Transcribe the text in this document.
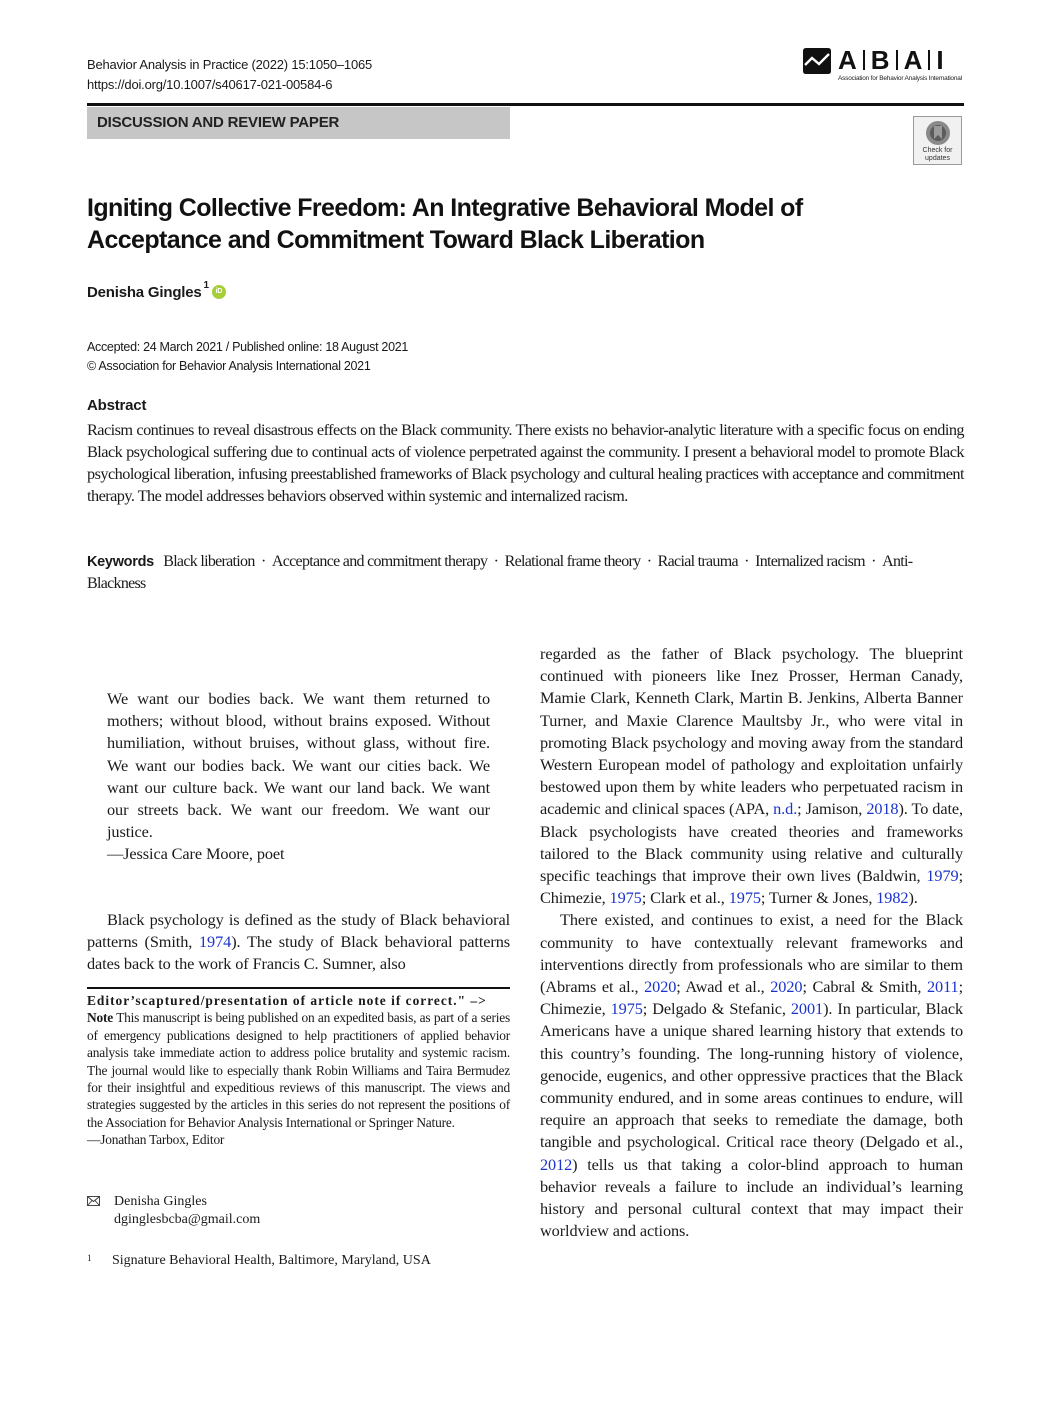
Behavior Analysis in Practice (2022) 15:1050–1065
https://doi.org/10.1007/s40617-021-00584-6
A B A I
Association for Behavior Analysis International
DISCUSSION AND REVIEW PAPER
Check for updates
Igniting Collective Freedom: An Integrative Behavioral Model of Acceptance and Commitment Toward Black Liberation
Denisha Gingles $^1$iD
Accepted: 24 March 2021 / Published online: 18 August 2021
© Association for Behavior Analysis International 2021
Abstract
Racism continues to reveal disastrous effects on the Black community. There exists no behavior-analytic literature with a specific focus on ending Black psychological suffering due to continual acts of violence perpetrated against the community. I present a behavioral model to promote Black psychological liberation, infusing preestablished frameworks of Black psychology and cultural healing practices with acceptance and commitment therapy. The model addresses behaviors observed within systemic and internalized racism.
Keywords Black liberation · Acceptance and commitment therapy · Relational frame theory · Racial trauma · Internalized racism · Anti-Blackness
We want our bodies back. We want them returned to mothers; without blood, without brains exposed. Without humiliation, without bruises, without glass, without fire. We want our bodies back. We want our cities back. We want our culture back. We want our land back. We want our streets back. We want our freedom. We want our justice.
—Jessica Care Moore, poet

Black psychology is defined as the study of Black behavioral patterns (Smith, 1974). The study of Black behavioral patterns dates back to the work of Francis C. Sumner, also

Editor’scaptured/presentation of article note if correct." –>
Note This manuscript is being published on an expedited basis, as part of a series of emergency publications designed to help practitioners of applied behavior analysis take immediate action to address police brutality and systemic racism. The journal would like to especially thank Robin Williams and Taira Bermudez for their insightful and expeditious reviews of this manuscript. The views and strategies suggested by the articles in this series do not represent the positions of the Association for Behavior Analysis International or Springer Nature.
—Jonathan Tarbox, Editor
Denisha Gingles
dginglesbcba@gmail.com
1 Signature Behavioral Health, Baltimore, Maryland, USA

regarded as the father of Black psychology. The blueprint continued with pioneers like Inez Prosser, Herman Canady, Mamie Clark, Kenneth Clark, Martin B. Jenkins, Alberta Banner Turner, and Maxie Clarence Maultsby Jr., who were vital in promoting Black psychology and moving away from the standard Western European model of pathology and exploitation unfairly bestowed upon them by white leaders who perpetuated racism in academic and clinical spaces (APA, n.d.; Jamison, 2018). To date, Black psychologists have created theories and frameworks tailored to the Black community using relative and culturally specific teachings that improve their own lives (Baldwin, 1979; Chimezie, 1975; Clark et al., 1975; Turner & Jones, 1982).

There existed, and continues to exist, a need for the Black community to have contextually relevant frameworks and interventions directly from professionals who are similar to them (Abrams et al., 2020; Awad et al., 2020; Cabral & Smith, 2011; Chimezie, 1975; Delgado & Stefanic, 2001). In particular, Black Americans have a unique shared learning history that extends to this country’s founding. The long-running history of violence, genocide, eugenics, and other oppressive practices that the Black community endured, and in some areas continues to endure, will require an approach that seeks to remediate the damage, both tangible and psychological. Critical race theory (Delgado et al., 2012) tells us that taking a color-blind approach to human behavior reveals a failure to include an individual’s learning history and personal cultural context that may impact their worldview and actions.
